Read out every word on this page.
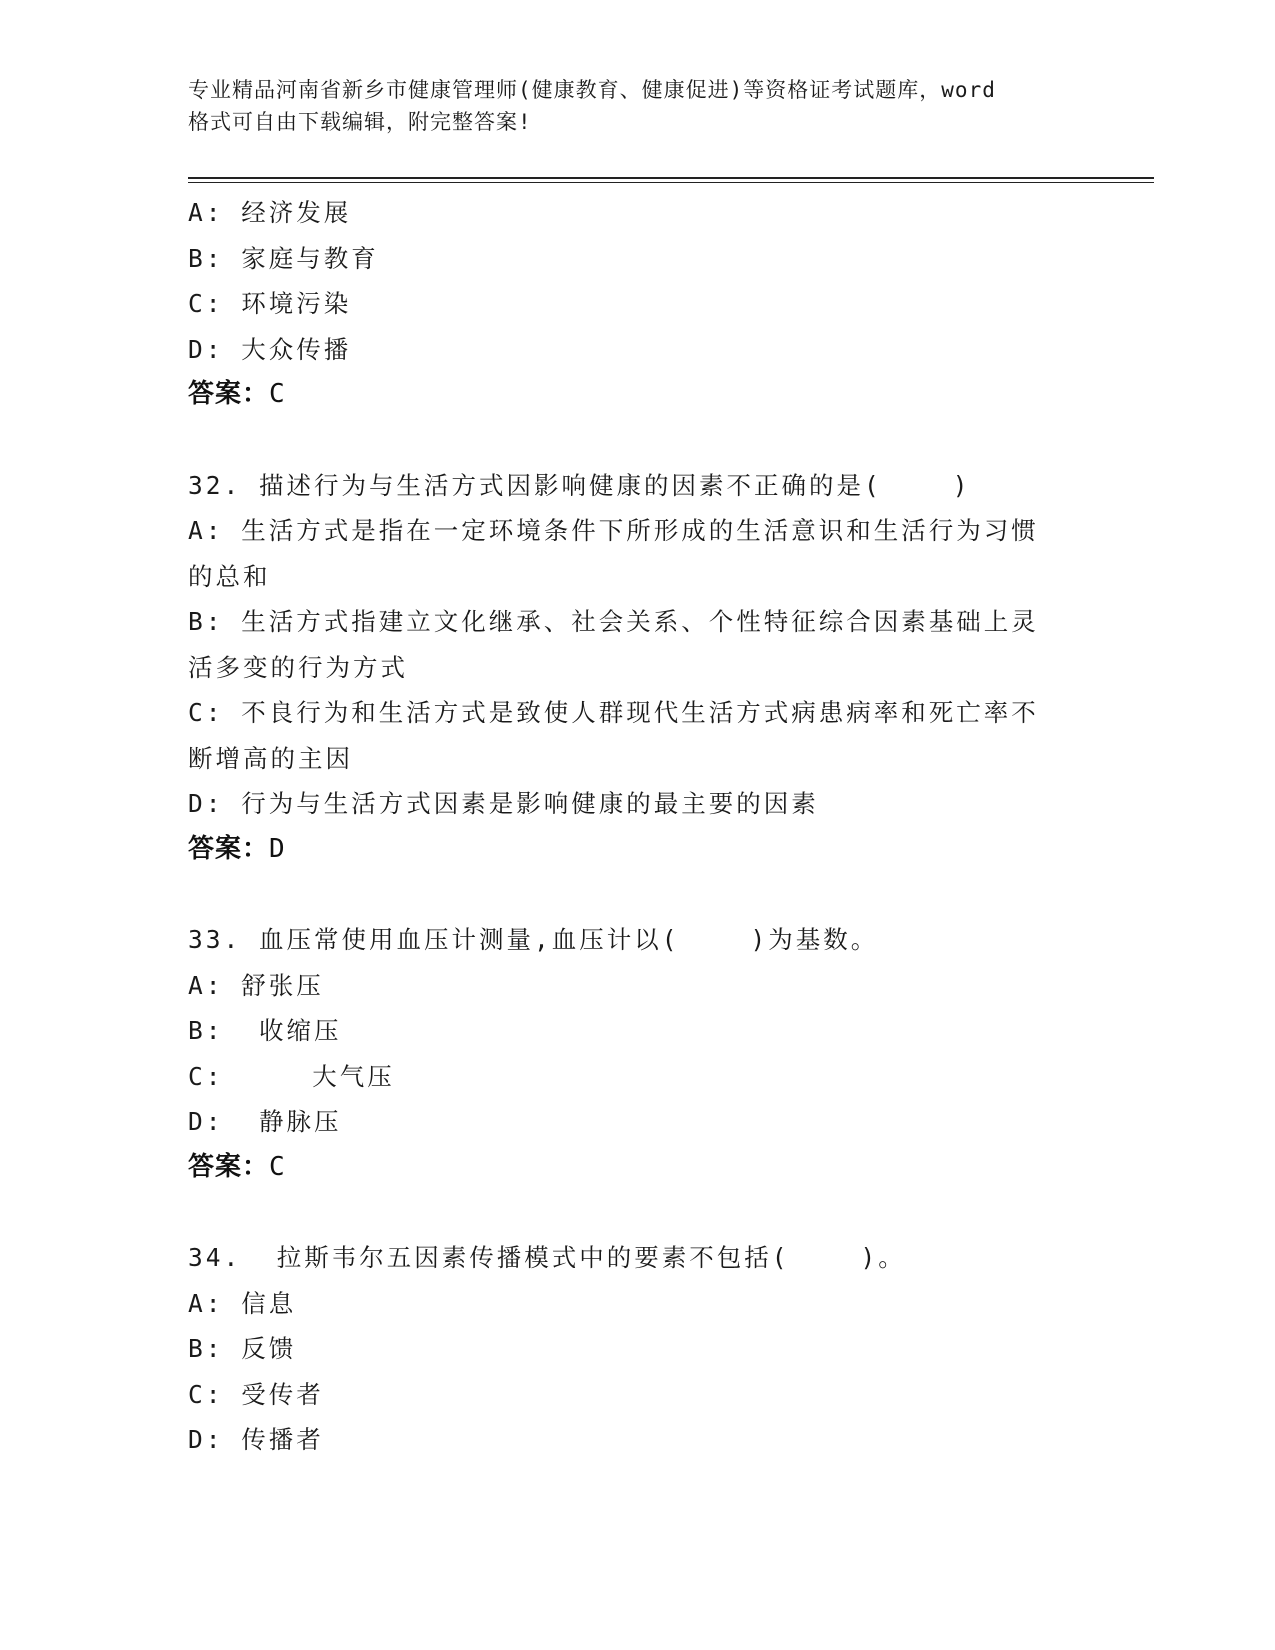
专业精品河南省新乡市健康管理师(健康教育、健康促进)等资格证考试题库，word
格式可自由下载编辑，附完整答案!
A: 经济发展
B: 家庭与教育
C: 环境污染
D: 大众传播
答案：C
32. 描述行为与生活方式因影响健康的因素不正确的是(    )
A: 生活方式是指在一定环境条件下所形成的生活意识和生活行为习惯
的总和
B: 生活方式指建立文化继承、社会关系、个性特征综合因素基础上灵
活多变的行为方式
C: 不良行为和生活方式是致使人群现代生活方式病患病率和死亡率不
断增高的主因
D: 行为与生活方式因素是影响健康的最主要的因素
答案：D
33. 血压常使用血压计测量,血压计以(    )为基数。
A: 舒张压
B:  收缩压
C:     大气压
D:  静脉压
答案：C
34.  拉斯韦尔五因素传播模式中的要素不包括(    )。
A: 信息
B: 反馈
C: 受传者
D: 传播者
